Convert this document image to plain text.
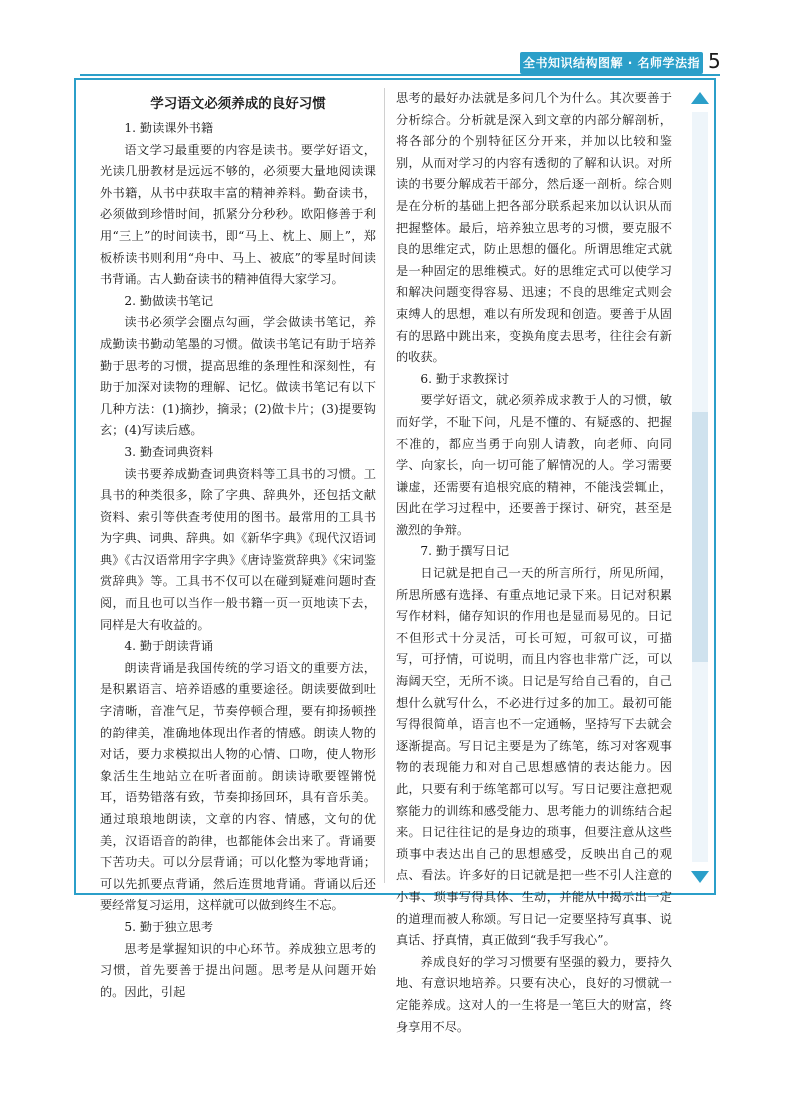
全书知识结构图解 · 名师学法指 5
学习语文必须养成的良好习惯

1. 勤读课外书籍

语文学习最重要的内容是读书。要学好语文，光读几册教材是远远不够的，必须要大量地阅读课外书籍，从书中获取丰富的精神养料。勤奋读书，必须做到珍惜时间，抓紧分分秒秒。欧阳修善于利用“三上”的时间读书，即“马上、枕上、厕上”，郑板桥读书则利用“舟中、马上、被底”的零星时间读书背诵。古人勤奋读书的精神值得大家学习。

2. 勤做读书笔记

读书必须学会圈点勾画，学会做读书笔记，养成勤读书勤动笔墨的习惯。做读书笔记有助于培养勤于思考的习惯，提高思维的条理性和深刻性，有助于加深对读物的理解、记忆。做读书笔记有以下几种方法：(1)摘抄，摘录；(2)做卡片；(3)提要钩玄；(4)写读后感。

3. 勤查词典资料

读书要养成勤查词典资料等工具书的习惯。工具书的种类很多，除了字典、辞典外，还包括文献资料、索引等供查考使用的图书。最常用的工具书为字典、词典、辞典。如《新华字典》《现代汉语词典》《古汉语常用字字典》《唐诗鉴赏辞典》《宋词鉴赏辞典》等。工具书不仅可以在碰到疑难问题时查阅，而且也可以当作一般书籍一页一页地读下去，同样是大有收益的。

4. 勤于朗读背诵

朗读背诵是我国传统的学习语文的重要方法，是积累语言、培养语感的重要途径。朗读要做到吐字清晰，音准气足，节奏停顿合理，要有抑扬顿挫的韵律美，准确地体现出作者的情感。朗读人物的对话，要力求模拟出人物的心情、口吻，使人物形象活生生地站立在听者面前。朗读诗歌要铿锵悦耳，语势错落有致，节奏抑扬回环，具有音乐美。通过琅琅地朗读，文章的内容、情感，文句的优美，汉语语音的韵律，也都能体会出来了。背诵要下苦功夫。可以分层背诵；可以化整为零地背诵；可以先抓要点背诵，然后连贯地背诵。背诵以后还要经常复习运用，这样就可以做到终生不忘。

5. 勤于独立思考

思考是掌握知识的中心环节。养成独立思考的习惯，首先要善于提出问题。思考是从问题开始的。因此，引起

思考的最好办法就是多问几个为什么。其次要善于分析综合。分析就是深入到文章的内部分解剖析，将各部分的个别特征区分开来，并加以比较和鉴别，从而对学习的内容有透彻的了解和认识。对所读的书要分解成若干部分，然后逐一剖析。综合则是在分析的基础上把各部分联系起来加以认识从而把握整体。最后，培养独立思考的习惯，要克服不良的思维定式，防止思想的僵化。所谓思维定式就是一种固定的思维模式。好的思维定式可以使学习和解决问题变得容易、迅速；不良的思维定式则会束缚人的思想，难以有所发现和创造。要善于从固有的思路中跳出来，变换角度去思考，往往会有新的收获。

6. 勤于求教探讨

要学好语文，就必须养成求教于人的习惯，敏而好学，不耻下问，凡是不懂的、有疑惑的、把握不准的，都应当勇于向别人请教，向老师、向同学、向家长，向一切可能了解情况的人。学习需要谦虚，还需要有追根究底的精神，不能浅尝辄止，因此在学习过程中，还要善于探讨、研究，甚至是激烈的争辩。

7. 勤于撰写日记

日记就是把自己一天的所言所行，所见所闻，所思所感有选择、有重点地记录下来。日记对积累写作材料，储存知识的作用也是显而易见的。日记不但形式十分灵活，可长可短，可叙可议，可描写，可抒情，可说明，而且内容也非常广泛，可以海阔天空，无所不谈。日记是写给自己看的，自己想什么就写什么，不必进行过多的加工。最初可能写得很简单，语言也不一定通畅，坚持写下去就会逐渐提高。写日记主要是为了练笔，练习对客观事物的表现能力和对自己思想感情的表达能力。因此，只要有利于练笔都可以写。写日记要注意把观察能力的训练和感受能力、思考能力的训练结合起来。日记往往记的是身边的琐事，但要注意从这些琐事中表达出自己的思想感受，反映出自己的观点、看法。许多好的日记就是把一些不引人注意的小事、琐事写得具体、生动，并能从中揭示出一定的道理而被人称颂。写日记一定要坚持写真事、说真话、抒真情，真正做到“我手写我心”。

养成良好的学习习惯要有坚强的毅力，要持久地、有意识地培养。只要有决心，良好的习惯就一定能养成。这对人的一生将是一笔巨大的财富，终身享用不尽。
